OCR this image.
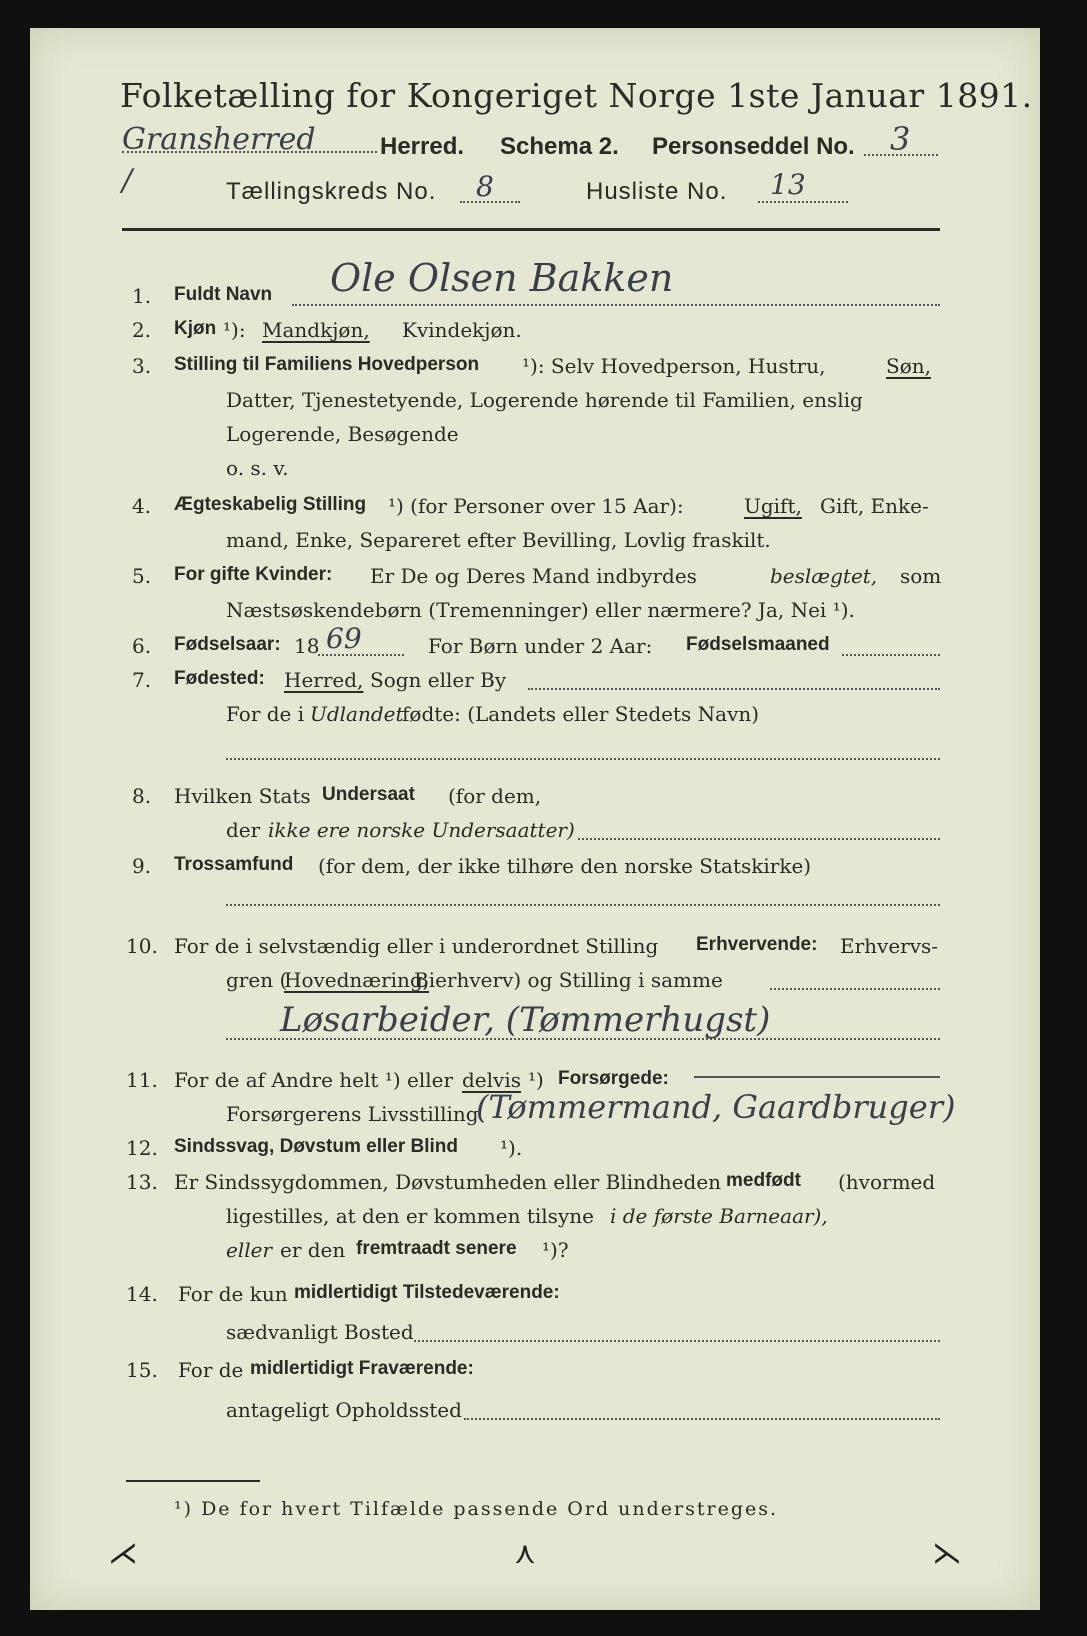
Folketælling for Kongeriget Norge 1ste Januar 1891.
Gransherred	Herred. Schema 2. Personseddel No. 3
Tællingskreds No. 8	Husliste No. 13
/
1. Fuldt Navn Ole Olsen Bakken
2. Kjøn ¹): Mandkjøn, Kvindekjøn.
3. Stilling til Familiens Hovedperson ¹): Selv Hovedperson, Hustru,	Søn,
Datter, Tjenestetyende, Logerende hørende til Familien, enslig
Logerende, Besøgende
o. s. v.
4. Ægteskabelig Stilling ¹) (for Personer over 15 Aar):	Ugift, Gift, Enke-
mand, Enke, Separeret efter Bevilling, Lovlig fraskilt.
5. For gifte Kvinder: Er De og Deres Mand indbyrdes	beslægtet, som
Næstsøskendebørn (Tremenninger) eller nærmere? Ja, Nei ¹).
6. Fødselsaar: 18 69	For Børn under 2 Aar: Fødselsmaaned
7. Fødested: Herred, Sogn eller By
For de i Udlandet
fødte: (Landets eller Stedets Navn)
8. Hvilken Stats Undersaat (for dem,
der ikke ere norske Undersaatter)
9. Trossamfund (for dem, der ikke tilhøre den norske Statskirke)
10. For de i selvstændig eller i underordnet Stilling Erhvervende: Erhvervs-
gren (
Hovednæring,
Bierhverv) og Stilling i samme
Løsarbeider, (Tømmerhugst)
11. For de af Andre helt ¹) eller delvis ¹) Forsørgede:
Forsørgerens Livsstilling
(Tømmermand, Gaardbruger)
12. Sindssvag, Døvstum eller Blind ¹).
13. Er Sindssygdommen, Døvstumheden eller Blindheden medfødt (hvormed
ligestilles, at den er kommen tilsyne i de første Barneaar),
eller er den fremtraadt senere ¹)?
14. For de kun midlertidigt Tilstedeværende:
sædvanligt Bosted
15. For de midlertidigt Fraværende:
antageligt Opholdssted
¹) De for hvert Tilfælde passende Ord understreges.
⋌	⋏	⋋
